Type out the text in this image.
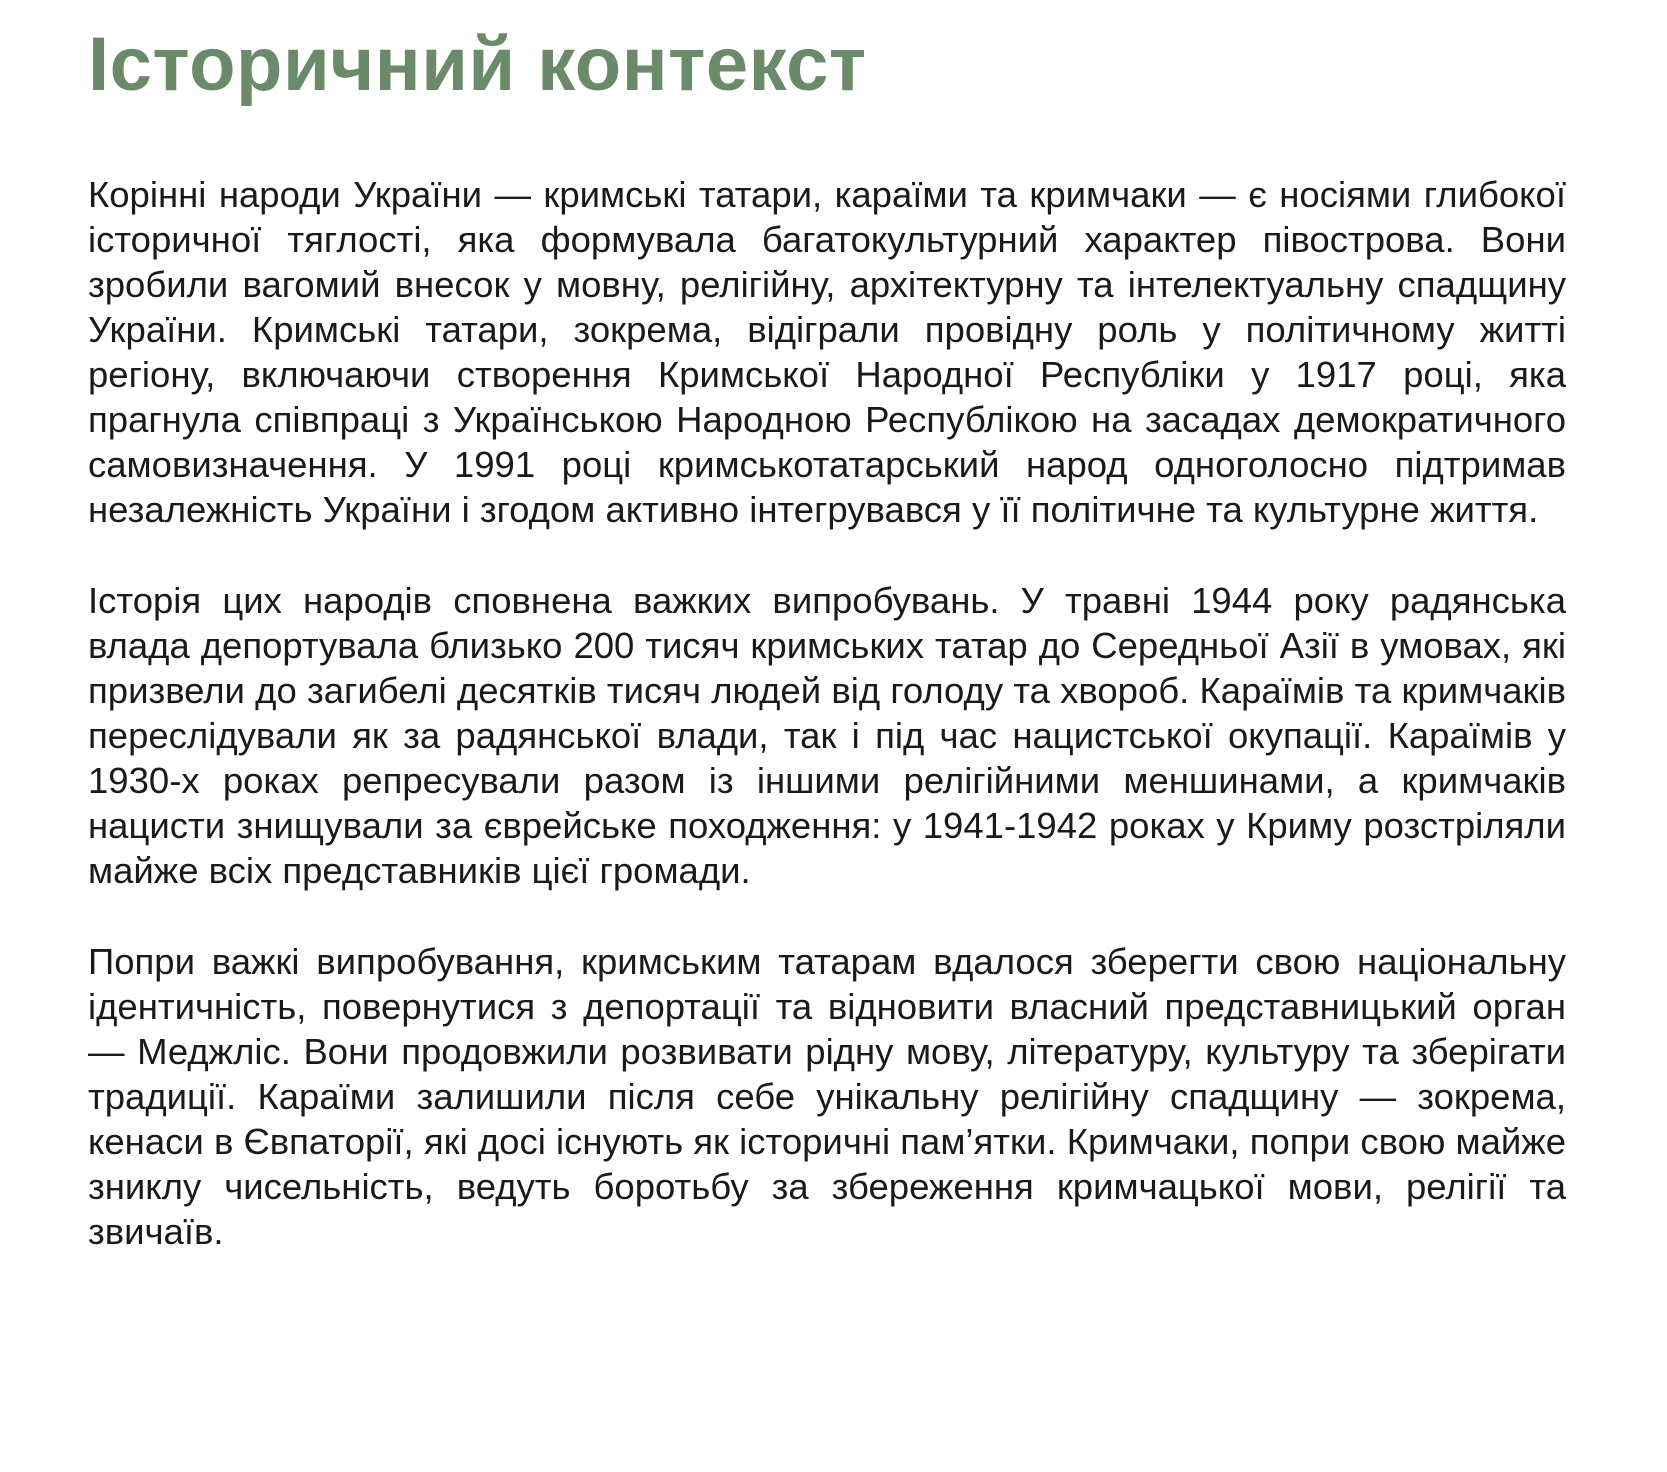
Історичний контекст

Корінні народи України — кримські татари, караїми та кримчаки — є носіями глибокої історичної тяглості, яка формувала багатокультурний характер півострова. Вони зробили вагомий внесок у мовну, релігійну, архітектурну та інтелектуальну спадщину України. Кримські татари, зокрема, відіграли провідну роль у політичному житті регіону, включаючи створення Кримської Народної Республіки у 1917 році, яка прагнула співпраці з Українською Народною Республікою на засадах демократичного самовизначення. У 1991 році кримськотатарський народ одноголосно підтримав незалежність України і згодом активно інтегрувався у її політичне та культурне життя.

Історія цих народів сповнена важких випробувань. У травні 1944 року радянська влада депортувала близько 200 тисяч кримських татар до Середньої Азії в умовах, які призвели до загибелі десятків тисяч людей від голоду та хвороб. Караїмів та кримчаків переслідували як за радянської влади, так і під час нацистської окупації. Караїмів у 1930-х роках репресували разом із іншими релігійними меншинами, а кримчаків нацисти знищували за єврейське походження: у 1941-1942 роках у Криму розстріляли майже всіх представників цієї громади.

Попри важкі випробування, кримським татарам вдалося зберегти свою національну ідентичність, повернутися з депортації та відновити власний представницький орган — Меджліс. Вони продовжили розвивати рідну мову, літературу, культуру та зберігати традиції. Караїми залишили після себе унікальну релігійну спадщину — зокрема, кенаси в Євпаторії, які досі існують як історичні пам’ятки. Кримчаки, попри свою майже зниклу чисельність, ведуть боротьбу за збереження кримчацької мови, релігії та звичаїв.
